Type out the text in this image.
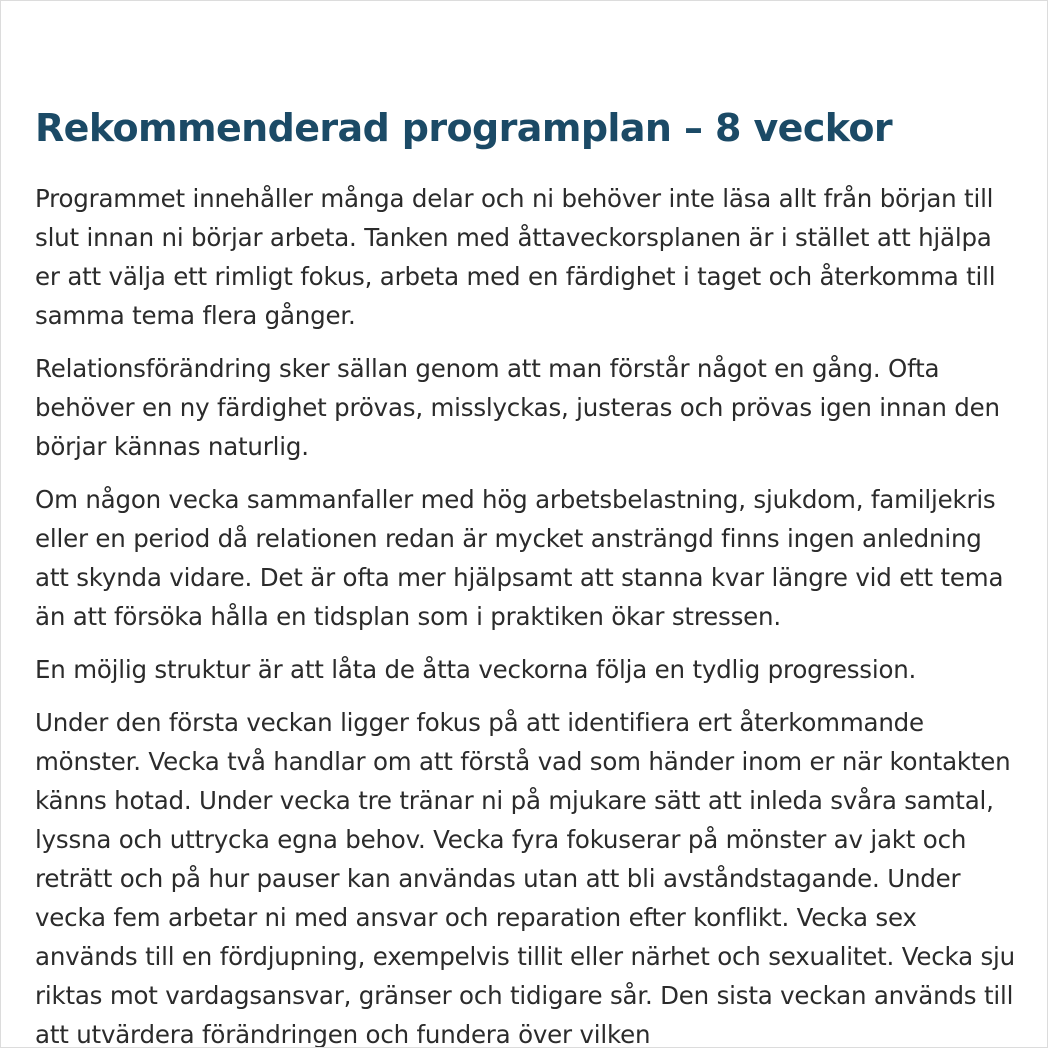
Rekommenderad programplan – 8 veckor

Programmet innehåller många delar och ni behöver inte läsa allt från början till slut innan ni börjar arbeta. Tanken med åttaveckorsplanen är i stället att hjälpa er att välja ett rimligt fokus, arbeta med en färdighet i taget och återkomma till samma tema flera gånger.

Relationsförändring sker sällan genom att man förstår något en gång. Ofta behöver en ny färdighet prövas, misslyckas, justeras och prövas igen innan den börjar kännas naturlig.

Om någon vecka sammanfaller med hög arbetsbelastning, sjukdom, familjekris eller en period då relationen redan är mycket ansträngd finns ingen anledning att skynda vidare. Det är ofta mer hjälpsamt att stanna kvar längre vid ett tema än att försöka hålla en tidsplan som i praktiken ökar stressen.

En möjlig struktur är att låta de åtta veckorna följa en tydlig progression.

Under den första veckan ligger fokus på att identifiera ert återkommande mönster. Vecka två handlar om att förstå vad som händer inom er när kontakten känns hotad. Under vecka tre tränar ni på mjukare sätt att inleda svåra samtal, lyssna och uttrycka egna behov. Vecka fyra fokuserar på mönster av jakt och reträtt och på hur pauser kan användas utan att bli avståndstagande. Under vecka fem arbetar ni med ansvar och reparation efter konflikt. Vecka sex används till en fördjupning, exempelvis tillit eller närhet och sexualitet. Vecka sju riktas mot vardagsansvar, gränser och tidigare sår. Den sista veckan används till att utvärdera förändringen och fundera över vilken
